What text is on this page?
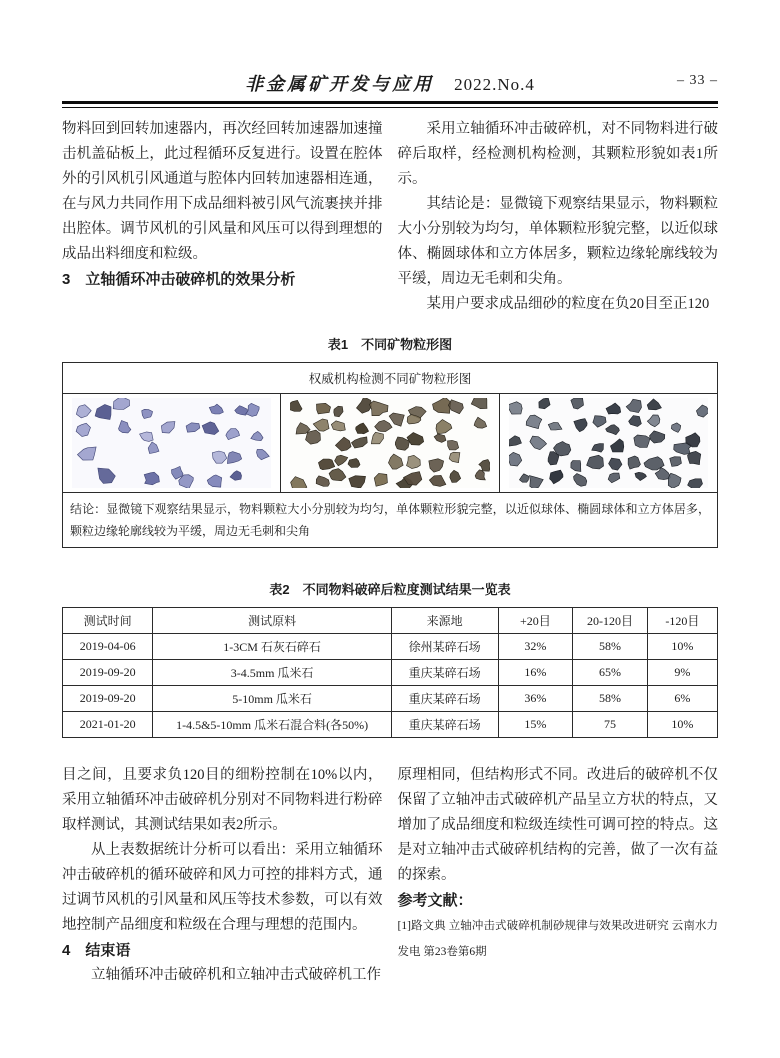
非金属矿开发与应用 2022.No.4	– 33 –
物料回到回转加速器内，再次经回转加速器加速撞击机盖砧板上，此过程循环反复进行。设置在腔体外的引风机引风通道与腔体内回转加速器相连通，在与风力共同作用下成品细料被引风气流裹挟并排出腔体。调节风机的引风量和风压可以得到理想的成品出料细度和粒级。
3　立轴循环冲击破碎机的效果分析
采用立轴循环冲击破碎机，对不同物料进行破碎后取样，经检测机构检测，其颗粒形貌如表1所示。
其结论是：显微镜下观察结果显示，物料颗粒大小分别较为均匀，单体颗粒形貌完整，以近似球体、椭圆球体和立方体居多，颗粒边缘轮廓线较为平缓，周边无毛刺和尖角。
某用户要求成品细砂的粒度在负20目至正120
表1　不同矿物粒形图
权威机构检测不同矿物粒形图

结论：显微镜下观察结果显示，物料颗粒大小分别较为均匀，单体颗粒形貌完整，以近似球体、椭圆球体和立方体居多，颗粒边缘轮廓线较为平缓，周边无毛刺和尖角
表2　不同物料破碎后粒度测试结果一览表
测试时间	测试原料	来源地	+20目	20-120目	-120目
2019-04-06	1-3CM 石灰石碎石	徐州某碎石场	32%	58%	10%
2019-09-20	3-4.5mm 瓜米石	重庆某碎石场	16%	65%	9%
2019-09-20	5-10mm 瓜米石	重庆某碎石场	36%	58%	6%
2021-01-20	1-4.5&5-10mm 瓜米石混合料(各50%)	重庆某碎石场	15%	75	10%
目之间，且要求负120目的细粉控制在10%以内，采用立轴循环冲击破碎机分别对不同物料进行粉碎取样测试，其测试结果如表2所示。
从上表数据统计分析可以看出：采用立轴循环冲击破碎机的循环破碎和风力可控的排料方式，通过调节风机的引风量和风压等技术参数，可以有效地控制产品细度和粒级在合理与理想的范围内。
4　结束语
立轴循环冲击破碎机和立轴冲击式破碎机工作
原理相同，但结构形式不同。改进后的破碎机不仅保留了立轴冲击式破碎机产品呈立方状的特点，又增加了成品细度和粒级连续性可调可控的特点。这是对立轴冲击式破碎机结构的完善，做了一次有益的探索。
参考文献：
[1]路文典 立轴冲击式破碎机制砂规律与效果改进研究 云南水力发电 第23卷第6期
